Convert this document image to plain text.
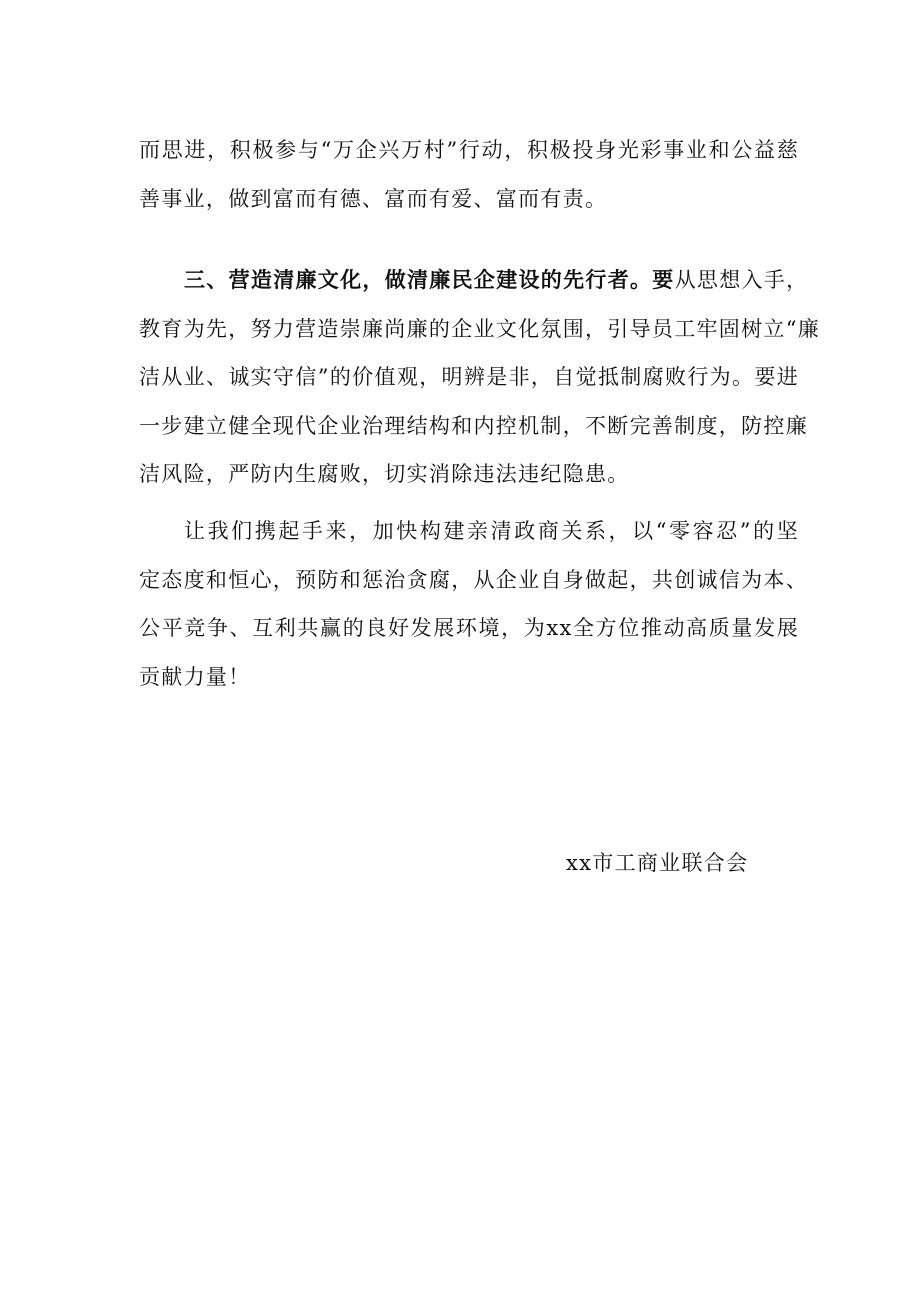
而思进，积极参与“万企兴万村”行动，积极投身光彩事业和公益慈
善事业，做到富而有德、富而有爱、富而有责。

三、营造清廉文化，做清廉民企建设的先行者。要从思想入手，
教育为先，努力营造崇廉尚廉的企业文化氛围，引导员工牢固树立“廉
洁从业、诚实守信”的价值观，明辨是非，自觉抵制腐败行为。要进
一步建立健全现代企业治理结构和内控机制，不断完善制度，防控廉
洁风险，严防内生腐败，切实消除违法违纪隐患。

让我们携起手来，加快构建亲清政商关系，以“零容忍”的坚
定态度和恒心，预防和惩治贪腐，从企业自身做起，共创诚信为本、
公平竞争、互利共赢的良好发展环境，为xx全方位推动高质量发展
贡献力量！

xx市工商业联合会
